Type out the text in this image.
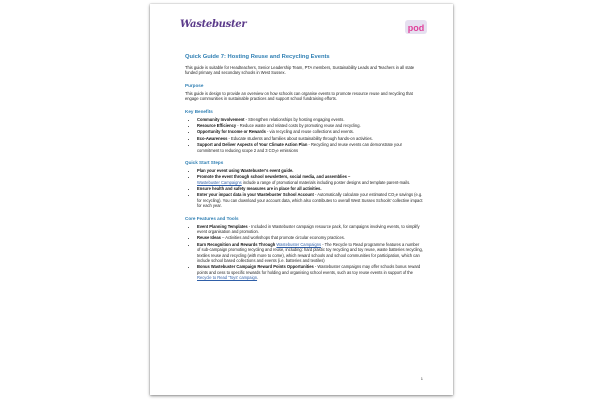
Wastebuster	pod
Quick Guide 7: Hosting Reuse and Recycling Events

This guide is suitable for Headteachers, Senior Leadership Team, PTA members, Sustainability Leads and Teachers in all state funded primary and secondary schools in West Sussex.

Purpose

This guide is design to provide an overview on how schools can organise events to promote resource reuse and recycling that engage communities in sustainable practices and support school fundraising efforts.

Key Benefits
• Community Involvement - Strengthen relationships by hosting engaging events.
• Resource Efficiency - Reduce waste and related costs by promoting reuse and recycling.
• Opportunity for Income or Rewards - via recycling and reuse collections and events.
• Eco-Awareness - Educate students and families about sustainability through hands-on activities.
• Support and Deliver Aspects of Your Climate Action Plan - Recycling and reuse events can demonstrate your commitment to reducing scope 2 and 3 CO₂e emissions
Quick Start Steps
• Plan your event using Wastebuster's event guide.
• Promote the event through school newsletters, social media, and assemblies –
Wastebuster Campaigns include a range of promotional materials including poster designs and template parent-mails.
• Ensure health and safety measures are in place for all activities.
• Enter your impact data in your Wastebuster School Account - Automatically calculate your estimated CO₂e savings (e.g. for recycling). You can download your account data, which also contributes to overall West Sussex Schools' collective impact for each year.
Core Features and Tools
• Event Planning Templates - Included in Wastebuster campaign resource pack, for campaigns involving events, to simplify event organisation and promotion.
• Reuse Ideas – Activities and workshops that promote circular economy practices.
• Earn Recognition and Rewards Through Wastebuster Campaigns - The Recycle to Read programme features a number of sub-campaign promoting recycling and reuse, including: hard plastic toy recycling and toy reuse, waste batteries recycling, textiles reuse and recycling (with more to come), which reward schools and school communities for participation, which can include school based collections and events (i.e. batteries and textiles)
• Bonus Wastebuster Campaign Reward Points Opportunities - Wastebuster campaigns may offer schools bonus reward points and cess to specific rewards for holding and organising school events, such as toy reuse events in support of the Recycle to Read 'Toys' campaign.
1
